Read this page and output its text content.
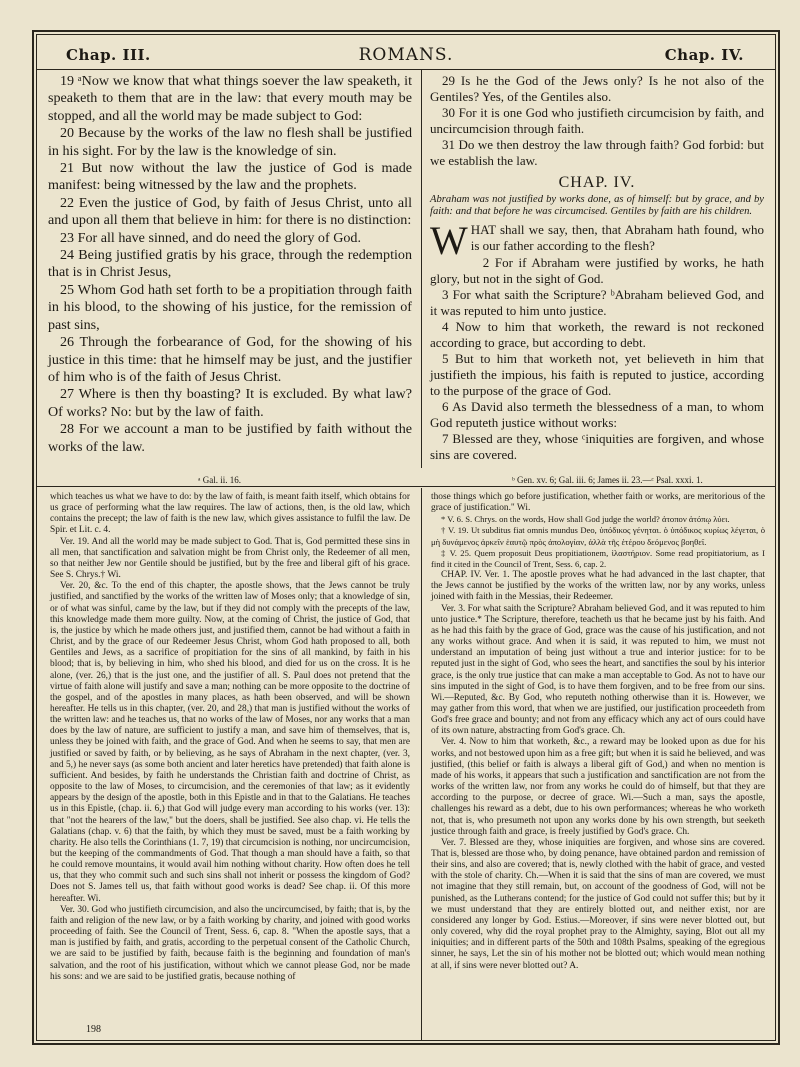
Chap. III.	ROMANS.	Chap. IV.

19 ᵃNow we know that what things soever the law speaketh, it speaketh to them that are in the law: that every mouth may be stopped, and all the world may be made subject to God:

20 Because by the works of the law no flesh shall be justified in his sight. For by the law is the knowledge of sin.

21 But now without the law the justice of God is made manifest: being witnessed by the law and the prophets.

22 Even the justice of God, by faith of Jesus Christ, unto all and upon all them that believe in him: for there is no distinction:

23 For all have sinned, and do need the glory of God.

24 Being justified gratis by his grace, through the redemption that is in Christ Jesus,

25 Whom God hath set forth to be a propitiation through faith in his blood, to the showing of his justice, for the remission of past sins,

26 Through the forbearance of God, for the showing of his justice in this time: that he himself may be just, and the justifier of him who is of the faith of Jesus Christ.

27 Where is then thy boasting? It is excluded. By what law? Of works? No: but by the law of faith.

28 For we account a man to be justified by faith without the works of the law.

29 Is he the God of the Jews only? Is he not also of the Gentiles? Yes, of the Gentiles also.

30 For it is one God who justifieth circumcision by faith, and uncircumcision through faith.

31 Do we then destroy the law through faith? God forbid: but we establish the law.

CHAP. IV.

Abraham was not justified by works done, as of himself: but by grace, and by faith: and that before he was circumcised. Gentiles by faith are his children.

WHAT shall we say, then, that Abraham hath found, who is our father according to the flesh?

2 For if Abraham were justified by works, he hath glory, but not in the sight of God.

3 For what saith the Scripture? ᵇAbraham believed God, and it was reputed to him unto justice.

4 Now to him that worketh, the reward is not reckoned according to grace, but according to debt.

5 But to him that worketh not, yet believeth in him that justifieth the impious, his faith is reputed to justice, according to the purpose of the grace of God.

6 As David also termeth the blessedness of a man, to whom God reputeth justice without works:

7 Blessed are they, whose ᶜiniquities are forgiven, and whose sins are covered.

ᵃ Gal. ii. 16.	ᵇ Gen. xv. 6; Gal. iii. 6; James ii. 23.—ᶜ Psal. xxxi. 1.

which teaches us what we have to do: by the law of faith, is meant faith itself, which obtains for us grace of performing what the law requires. The law of actions, then, is the old law, which contains the precept; the law of faith is the new law, which gives assistance to fulfil the law. De Spir. et Lit. c. 4.

Ver. 19. And all the world may be made subject to God. That is, God permitted these sins in all men, that sanctification and salvation might be from Christ only, the Redeemer of all men, so that neither Jew nor Gentile should be justified, but by the free and liberal gift of his grace. See S. Chrys.† Wi.

Ver. 20, &c. To the end of this chapter, the apostle shows, that the Jews cannot be truly justified, and sanctified by the works of the written law of Moses only; that a knowledge of sin, or of what was sinful, came by the law, but if they did not comply with the precepts of the law, this knowledge made them more guilty. Now, at the coming of Christ, the justice of God, that is, the justice by which he made others just, and justified them, cannot be had without a faith in Christ, and by the grace of our Redeemer Jesus Christ, whom God hath proposed to all, both Gentiles and Jews, as a sacrifice of propitiation for the sins of all mankind, by faith in his blood; that is, by believing in him, who shed his blood, and died for us on the cross. It is he alone, (ver. 26,) that is the just one, and the justifier of all. S. Paul does not pretend that the virtue of faith alone will justify and save a man; nothing can be more opposite to the doctrine of the gospel, and of the apostles in many places, as hath been observed, and will be shown hereafter. He tells us in this chapter, (ver. 20, and 28,) that man is justified without the works of the written law: and he teaches us, that no works of the law of Moses, nor any works that a man does by the law of nature, are sufficient to justify a man, and save him of themselves, that is, unless they be joined with faith, and the grace of God. And when he seems to say, that men are justified or saved by faith, or by believing, as he says of Abraham in the next chapter, (ver. 3, and 5,) he never says (as some both ancient and later heretics have pretended) that faith alone is sufficient. And besides, by faith he understands the Christian faith and doctrine of Christ, as opposite to the law of Moses, to circumcision, and the ceremonies of that law; as it evidently appears by the design of the apostle, both in this Epistle and in that to the Galatians. He teaches us in this Epistle, (chap. ii. 6,) that God will judge every man according to his works (ver. 13): that "not the hearers of the law," but the doers, shall be justified. See also chap. vi. He tells the Galatians (chap. v. 6) that the faith, by which they must be saved, must be a faith working by charity. He also tells the Corinthians (1. 7, 19) that circumcision is nothing, nor uncircumcision, but the keeping of the commandments of God. That though a man should have a faith, so that he could remove mountains, it would avail him nothing without charity. How often does he tell us, that they who commit such and such sins shall not inherit or possess the kingdom of God? Does not S. James tell us, that faith without good works is dead? See chap. ii. Of this more hereafter. Wi.

Ver. 30. God who justifieth circumcision, and also the uncircumcised, by faith; that is, by the faith and religion of the new law, or by a faith working by charity, and joined with good works proceeding of faith. See the Council of Trent, Sess. 6, cap. 8. "When the apostle says, that a man is justified by faith, and gratis, according to the perpetual consent of the Catholic Church, we are said to be justified by faith, because faith is the beginning and foundation of man's salvation, and the root of his justification, without which we cannot please God, nor be made his sons: and we are said to be justified gratis, because nothing of

those things which go before justification, whether faith or works, are meritorious of the grace of justification." Wi.

* V. 6. S. Chrys. on the words, How shall God judge the world? ἀτοπον ἀτόπῳ λύει.

† V. 19. Ut subditus fiat omnis mundus Deo, ὑπόδικος γένηται. ὁ ὑπόδικος κυρίως λέγεται, ὁ μὴ δυνάμενος ἀρκεῖν ἑαυτῷ πρὸς ἀπολογίαν, ἀλλὰ τῆς ἑτέρου δεόμενος βοηθεῖ.

‡ V. 25. Quem proposuit Deus propitiationem, ἱλαστήριον. Some read propitiatorium, as I find it cited in the Council of Trent, Sess. 6, cap. 2.

CHAP. IV. Ver. 1. The apostle proves what he had advanced in the last chapter, that the Jews cannot be justified by the works of the written law, nor by any works, unless joined with faith in the Messias, their Redeemer.

Ver. 3. For what saith the Scripture? Abraham believed God, and it was reputed to him unto justice.* The Scripture, therefore, teacheth us that he became just by his faith. And as he had this faith by the grace of God, grace was the cause of his justification, and not any works without grace. And when it is said, it was reputed to him, we must not understand an imputation of being just without a true and interior justice: for to be reputed just in the sight of God, who sees the heart, and sanctifies the soul by his interior grace, is the only true justice that can make a man acceptable to God. As not to have our sins imputed in the sight of God, is to have them forgiven, and to be free from our sins. Wi.—Reputed, &c. By God, who reputeth nothing otherwise than it is. However, we may gather from this word, that when we are justified, our justification proceedeth from God's free grace and bounty; and not from any efficacy which any act of ours could have of its own nature, abstracting from God's grace. Ch.

Ver. 4. Now to him that worketh, &c., a reward may be looked upon as due for his works, and not bestowed upon him as a free gift; but when it is said he believed, and was justified, (this belief or faith is always a liberal gift of God,) and when no mention is made of his works, it appears that such a justification and sanctification are not from the works of the written law, nor from any works he could do of himself, but that they are according to the purpose, or decree of grace. Wi.—Such a man, says the apostle, challenges his reward as a debt, due to his own performances; whereas he who worketh not, that is, who presumeth not upon any works done by his own strength, but seeketh justice through faith and grace, is freely justified by God's grace. Ch.

Ver. 7. Blessed are they, whose iniquities are forgiven, and whose sins are covered. That is, blessed are those who, by doing penance, have obtained pardon and remission of their sins, and also are covered; that is, newly clothed with the habit of grace, and vested with the stole of charity. Ch.—When it is said that the sins of man are covered, we must not imagine that they still remain, but, on account of the goodness of God, will not be punished, as the Lutherans contend; for the justice of God could not suffer this; but by it we must understand that they are entirely blotted out, and neither exist, nor are considered any longer by God. Estius.—Moreover, if sins were never blotted out, but only covered, why did the royal prophet pray to the Almighty, saying, Blot out all my iniquities; and in different parts of the 50th and 108th Psalms, speaking of the egregious sinner, he says, Let the sin of his mother not be blotted out; which would mean nothing at all, if sins were never blotted out? A.

198
